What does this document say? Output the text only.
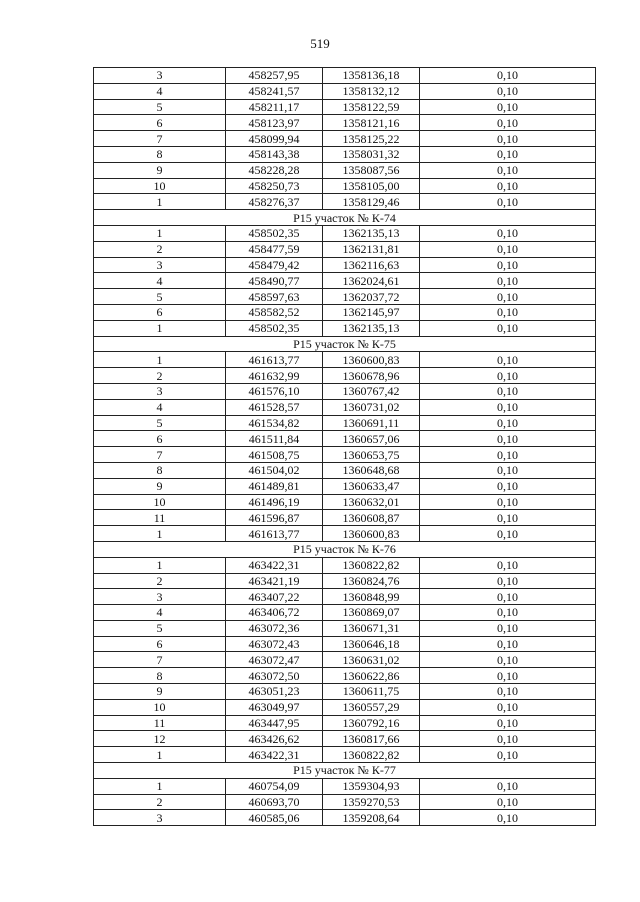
519
3	458257,95	1358136,18	0,10
4	458241,57	1358132,12	0,10
5	458211,17	1358122,59	0,10
6	458123,97	1358121,16	0,10
7	458099,94	1358125,22	0,10
8	458143,38	1358031,32	0,10
9	458228,28	1358087,56	0,10
10	458250,73	1358105,00	0,10
1	458276,37	1358129,46	0,10
Р15 участок № К-74			
1	458502,35	1362135,13	0,10
2	458477,59	1362131,81	0,10
3	458479,42	1362116,63	0,10
4	458490,77	1362024,61	0,10
5	458597,63	1362037,72	0,10
6	458582,52	1362145,97	0,10
1	458502,35	1362135,13	0,10
Р15 участок № К-75			
1	461613,77	1360600,83	0,10
2	461632,99	1360678,96	0,10
3	461576,10	1360767,42	0,10
4	461528,57	1360731,02	0,10
5	461534,82	1360691,11	0,10
6	461511,84	1360657,06	0,10
7	461508,75	1360653,75	0,10
8	461504,02	1360648,68	0,10
9	461489,81	1360633,47	0,10
10	461496,19	1360632,01	0,10
11	461596,87	1360608,87	0,10
1	461613,77	1360600,83	0,10
Р15 участок № К-76			
1	463422,31	1360822,82	0,10
2	463421,19	1360824,76	0,10
3	463407,22	1360848,99	0,10
4	463406,72	1360869,07	0,10
5	463072,36	1360671,31	0,10
6	463072,43	1360646,18	0,10
7	463072,47	1360631,02	0,10
8	463072,50	1360622,86	0,10
9	463051,23	1360611,75	0,10
10	463049,97	1360557,29	0,10
11	463447,95	1360792,16	0,10
12	463426,62	1360817,66	0,10
1	463422,31	1360822,82	0,10
Р15 участок № К-77			
1	460754,09	1359304,93	0,10
2	460693,70	1359270,53	0,10
3	460585,06	1359208,64	0,10
